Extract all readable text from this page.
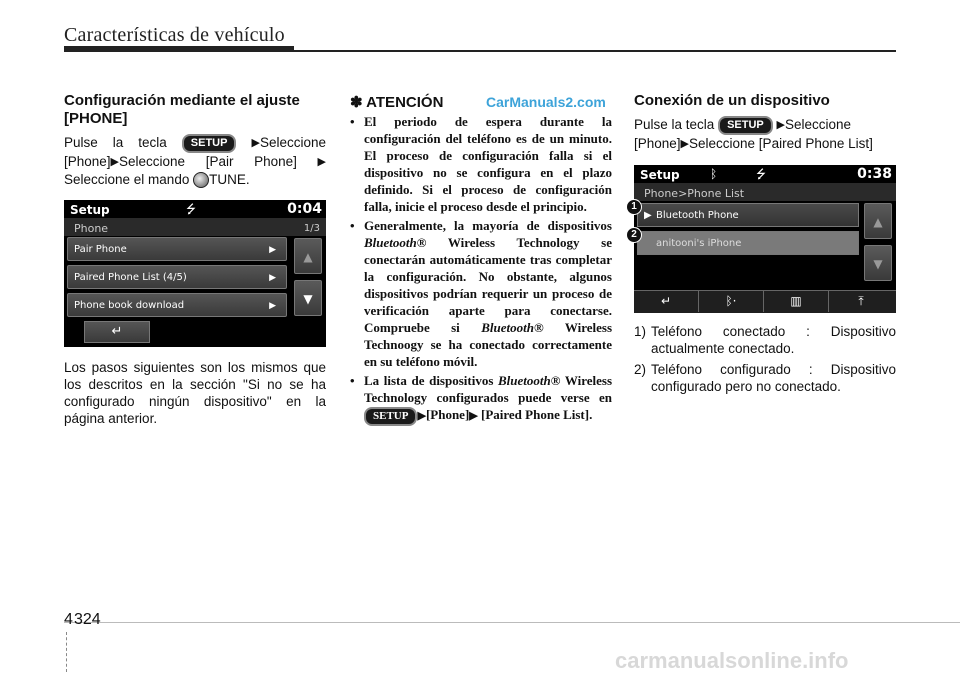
Características de vehículo
Configuración mediante el ajuste [PHONE]

Pulse la tecla SETUP ▶Seleccione [Phone]▶Seleccione [Pair Phone] ▶ Seleccione el mando TUNE.

Setup	⭍	0:04
Phone	1/3
Pair Phone	▶
Paired Phone List (4/5)	▶
Phone book download	▶
▲
▼
↵

Los pasos siguientes son los mismos que los descritos en la sección "Si no se ha configurado ningún dispositivo" en la página anterior.

✽ ATENCIÓN	CarManuals2.com
• El periodo de espera durante la configuración del teléfono es de un minuto. El proceso de configuración falla si el dispositivo no se configura en el plazo definido. Si el proceso de configuración falla, inicie el proceso desde el principio.
• Generalmente, la mayoría de dispositivos Bluetooth® Wireless Technology se conectarán automáticamente tras completar la configuración. No obstante, algunos dispositivos podrían requerir un proceso de verificación aparte para conectarse. Compruebe si Bluetooth® Wireless Technoogy se ha conectado correctamente en su teléfono móvil.
• La lista de dispositivos Bluetooth® Wireless Technology configurados puede verse en SETUP ▶[Phone]▶ [Paired Phone List].
Conexión de un dispositivo

Pulse la tecla SETUP ▶Seleccione [Phone]▶Seleccione [Paired Phone List]

Setup	ᛒ	⭍	0:38
Phone>Phone List
▶ Bluetooth Phone
anitooni's iPhone
▲
▼
↵	ᛒ·	▥	⤒
1) Teléfono conectado : Dispositivo actualmente conectado.
2) Teléfono configurado : Dispositivo configurado pero no conectado.
1
2
4 324
carmanualsonline.info
